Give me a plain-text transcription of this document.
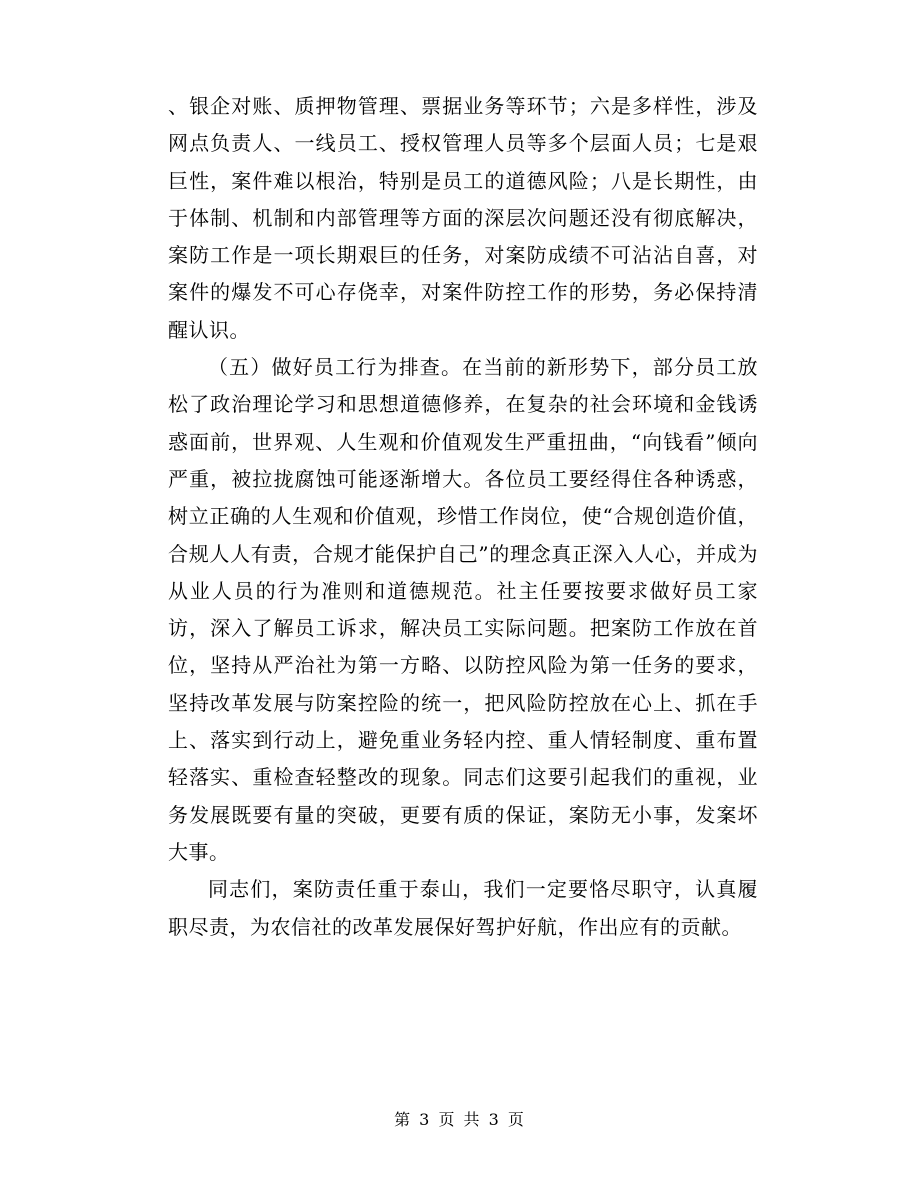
、银企对账、质押物管理、票据业务等环节；六是多样性，涉及网点负责人、一线员工、授权管理人员等多个层面人员；七是艰巨性，案件难以根治，特别是员工的道德风险；八是长期性，由于体制、机制和内部管理等方面的深层次问题还没有彻底解决，案防工作是一项长期艰巨的任务，对案防成绩不可沾沾自喜，对案件的爆发不可心存侥幸，对案件防控工作的形势，务必保持清醒认识。

（五）做好员工行为排查。在当前的新形势下，部分员工放松了政治理论学习和思想道德修养，在复杂的社会环境和金钱诱惑面前，世界观、人生观和价值观发生严重扭曲，“向钱看”倾向严重，被拉拢腐蚀可能逐渐增大。各位员工要经得住各种诱惑，树立正确的人生观和价值观，珍惜工作岗位，使“合规创造价值，合规人人有责，合规才能保护自己”的理念真正深入人心，并成为从业人员的行为准则和道德规范。社主任要按要求做好员工家访，深入了解员工诉求，解决员工实际问题。把案防工作放在首位，坚持从严治社为第一方略、以防控风险为第一任务的要求，坚持改革发展与防案控险的统一，把风险防控放在心上、抓在手上、落实到行动上，避免重业务轻内控、重人情轻制度、重布置轻落实、重检查轻整改的现象。同志们这要引起我们的重视，业务发展既要有量的突破，更要有质的保证，案防无小事，发案坏大事。

同志们，案防责任重于泰山，我们一定要恪尽职守，认真履职尽责，为农信社的改革发展保好驾护好航，作出应有的贡献。

第 3 页 共 3 页
